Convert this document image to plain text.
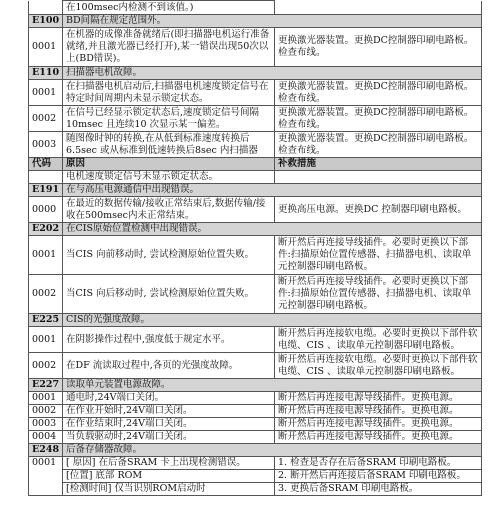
	在100msec内检测不到该值。)	
E100	BD间隔在规定范围外。	
0001	在机器的成像准备就绪后(即扫描器电机运行准备就绪,并且激光器已经打开),某一错误出现50次以上(BD错误)。	更换激光器装置。更换DC控制器印刷电路板。检查布线。
E110	扫描器电机故障。	
0001	在扫描器电机启动后,扫描器电机速度锁定信号在特定时间周期内未显示锁定状态。	更换激光器装置。更换DC控制器印刷电路板。检查布线。
0002	在信号已经显示锁定状态后,速度锁定信号间隔10msec 且连续10 次显示某一偏差。	更换激光器装置。更换DC控制器印刷电路板。检查布线。
0003	随图像时钟的转换,在从低到标准速度转换后6.5sec 或从标准到低速转换后8sec 内扫描器	更换激光器装置。更换DC控制器印刷电路板。检查布线。
代码	原因	补救措施
	电机速度锁定信号未显示锁定状态。	
E191	在与高压电源通信中出现错误。	
0000	在最近的数据传输/接收正常结束后,数据传输/接收在500msec内未正常结束。	更换高压电源。更换DC 控制器印刷电路板。
E202	在CIS原始位置检测中出现错误。	
0001	当CIS 向前移动时, 尝试检测原始位置失败。	断开然后再连接导线插件。必要时更换以下部件:扫描原始位置传感器、扫描器电机、读取单元控制器印刷电路板。
0002	当CIS 向后移动时, 尝试检测原始位置失败。	断开然后再连接导线插件。必要时更换以下部件:扫描原始位置传感器、扫描器电机、读取单元控制器印刷电路板。
E225	CIS的光强度故障。	
0001	在阴影操作过程中,强度低于规定水平。	断开然后再连接软电缆。必要时更换以下部件软电缆、CIS 、读取单元控制器印刷电路板。
0002	在DF 流读取过程中,各页的光强度故障。	断开然后再连接软电缆。必要时更换以下部件软电缆、CIS 、读取单元控制器印刷电路板。
E227	读取单元装置电源故障。	
0001	通电时,24V端口关闭。	断开然后再连接电源导线插件。更换电源。
0002	在作业开始时,24V端口关闭。	断开然后再连接电源导线插件。更换电源。
0003	在作业结束时,24V端口关闭。	断开然后再连接电源导线插件。更换电源。
0004	当负载驱动时,24V端口关闭。	断开然后再连接电源导线插件。更换电源。
E248	后备存储器故障。	
0001	[ 原因] 在后备SRAM 卡上出现检测错误。	1. 检查是否存在后备SRAM 印刷电路板。
	[位置] 底部 ROM	2. 断开然后再连接后备SRAM 印刷电路板。
	[检测时间] 仅当识别ROM启动时	3. 更换后备SRAM 印刷电路板。
